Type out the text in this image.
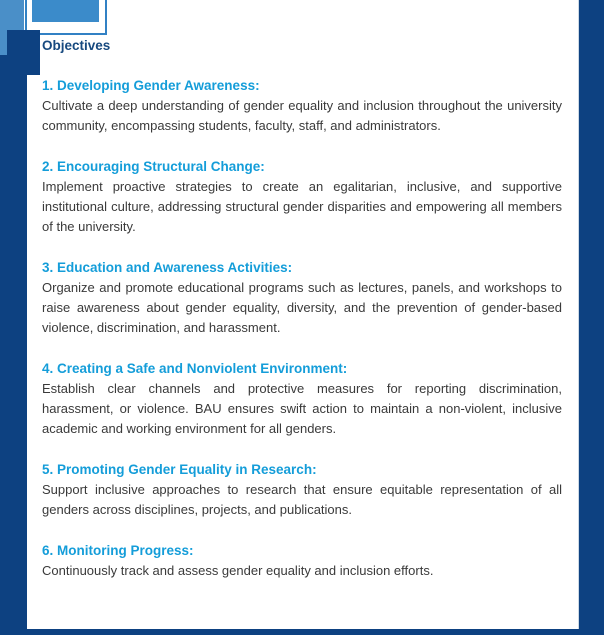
Objectives
1. Developing Gender Awareness:

Cultivate a deep understanding of gender equality and inclusion throughout the university community, encompassing students, faculty, staff, and administrators.

2. Encouraging Structural Change:

Implement proactive strategies to create an egalitarian, inclusive, and supportive institutional culture, addressing structural gender disparities and empowering all members of the university.

3. Education and Awareness Activities:

Organize and promote educational programs such as lectures, panels, and workshops to raise awareness about gender equality, diversity, and the prevention of gender-based violence, discrimination, and harassment.

4. Creating a Safe and Nonviolent Environment:

Establish clear channels and protective measures for reporting discrimination, harassment, or violence. BAU ensures swift action to maintain a non-violent, inclusive academic and working environment for all genders.

5. Promoting Gender Equality in Research:

Support inclusive approaches to research that ensure equitable representation of all genders across disciplines, projects, and publications.

6. Monitoring Progress:

Continuously track and assess gender equality and inclusion efforts.
